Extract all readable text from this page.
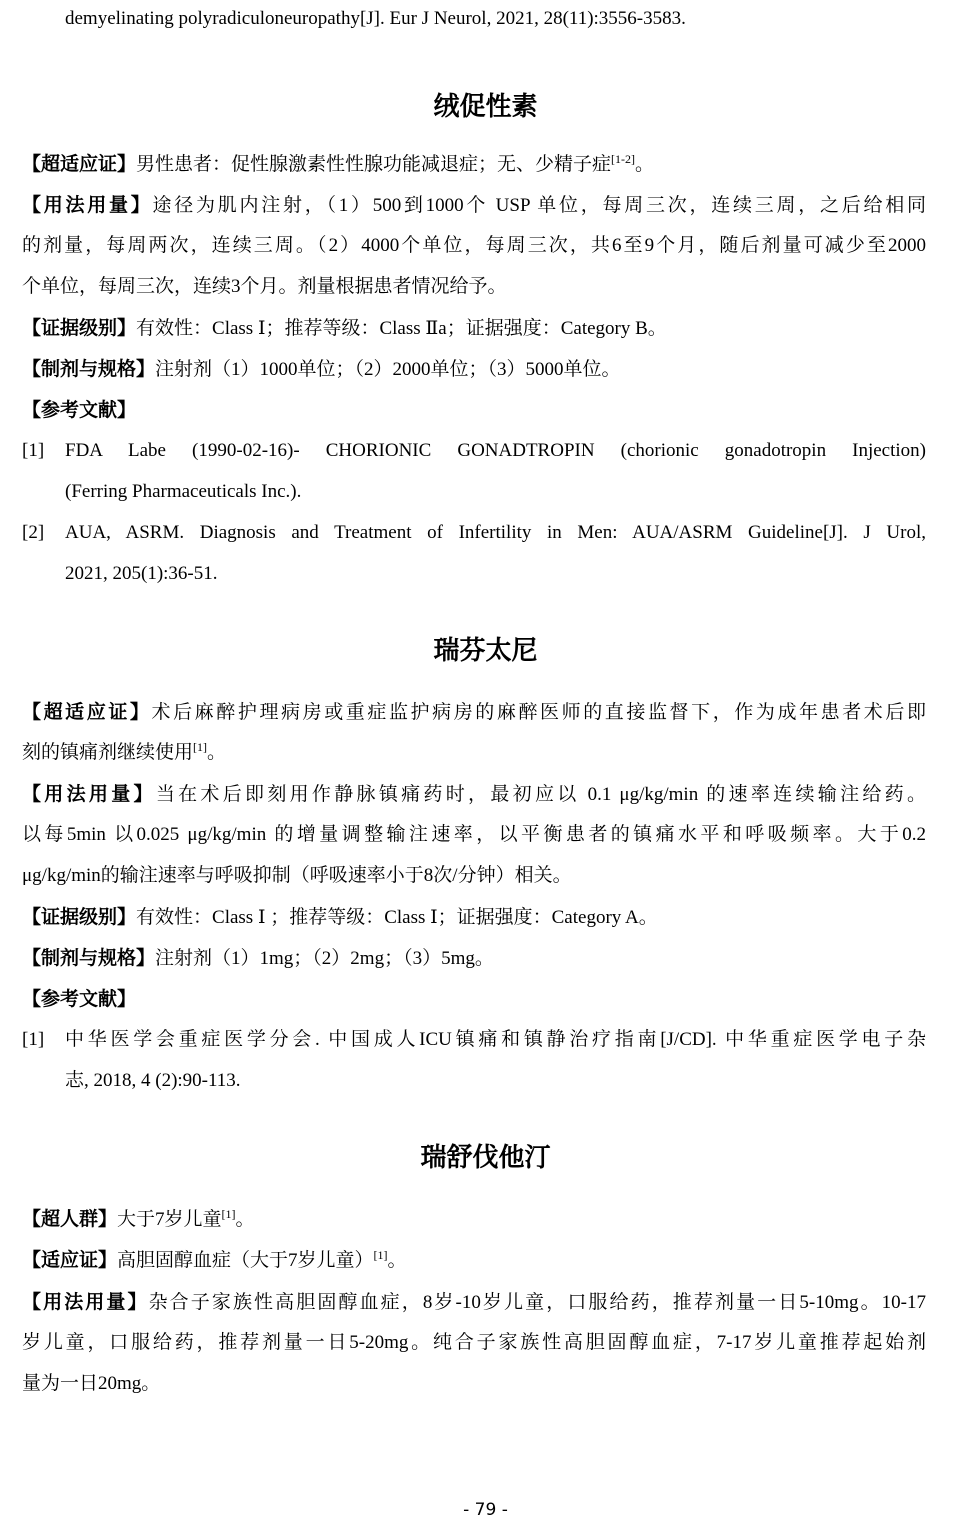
demyelinating polyradiculoneuropathy[J]. Eur J Neurol, 2021, 28(11):3556-3583.
绒促性素
【超适应证】男性患者：促性腺激素性性腺功能减退症；无、少精子症[1-2]。
【用法用量】途径为肌内注射，（1）500到1000个 USP 单位，每周三次，连续三周，之后给相同
的剂量，每周两次，连续三周。（2）4000个单位，每周三次，共6至9个月，随后剂量可减少至2000
个单位，每周三次，连续3个月。剂量根据患者情况给予。
【证据级别】有效性：Class Ⅰ；推荐等级：Class Ⅱa；证据强度：Category B。
【制剂与规格】注射剂（1）1000单位；（2）2000单位；（3）5000单位。
【参考文献】
[1]	FDA Labe (1990-02-16)- CHORIONIC GONADTROPIN (chorionic gonadotropin Injection)
(Ferring Pharmaceuticals Inc.).
[2]	AUA, ASRM. Diagnosis and Treatment of Infertility in Men: AUA/ASRM Guideline[J]. J Urol,
2021, 205(1):36-51.
瑞芬太尼
【超适应证】术后麻醉护理病房或重症监护病房的麻醉医师的直接监督下，作为成年患者术后即
刻的镇痛剂继续使用[1]。
【用法用量】当在术后即刻用作静脉镇痛药时，最初应以 0.1 μg/kg/min 的速率连续输注给药。
以每5min 以0.025 μg/kg/min 的增量调整输注速率，以平衡患者的镇痛水平和呼吸频率。大于0.2
μg/kg/min的输注速率与呼吸抑制（呼吸速率小于8次/分钟）相关。
【证据级别】有效性：Class Ⅰ ；推荐等级：Class Ⅰ；证据强度：Category A。
【制剂与规格】注射剂（1）1mg；（2）2mg；（3）5mg。
【参考文献】
[1]	中华医学会重症医学分会. 中国成人ICU镇痛和镇静治疗指南[J/CD]. 中华重症医学电子杂
志, 2018, 4 (2):90-113.
瑞舒伐他汀
【超人群】大于7岁儿童[1]。
【适应证】高胆固醇血症（大于7岁儿童）[1]。
【用法用量】杂合子家族性高胆固醇血症，8岁-10岁儿童，口服给药，推荐剂量一日5-10mg。10-17
岁儿童，口服给药，推荐剂量一日5-20mg。纯合子家族性高胆固醇血症，7-17岁儿童推荐起始剂
量为一日20mg。
- 79 -
